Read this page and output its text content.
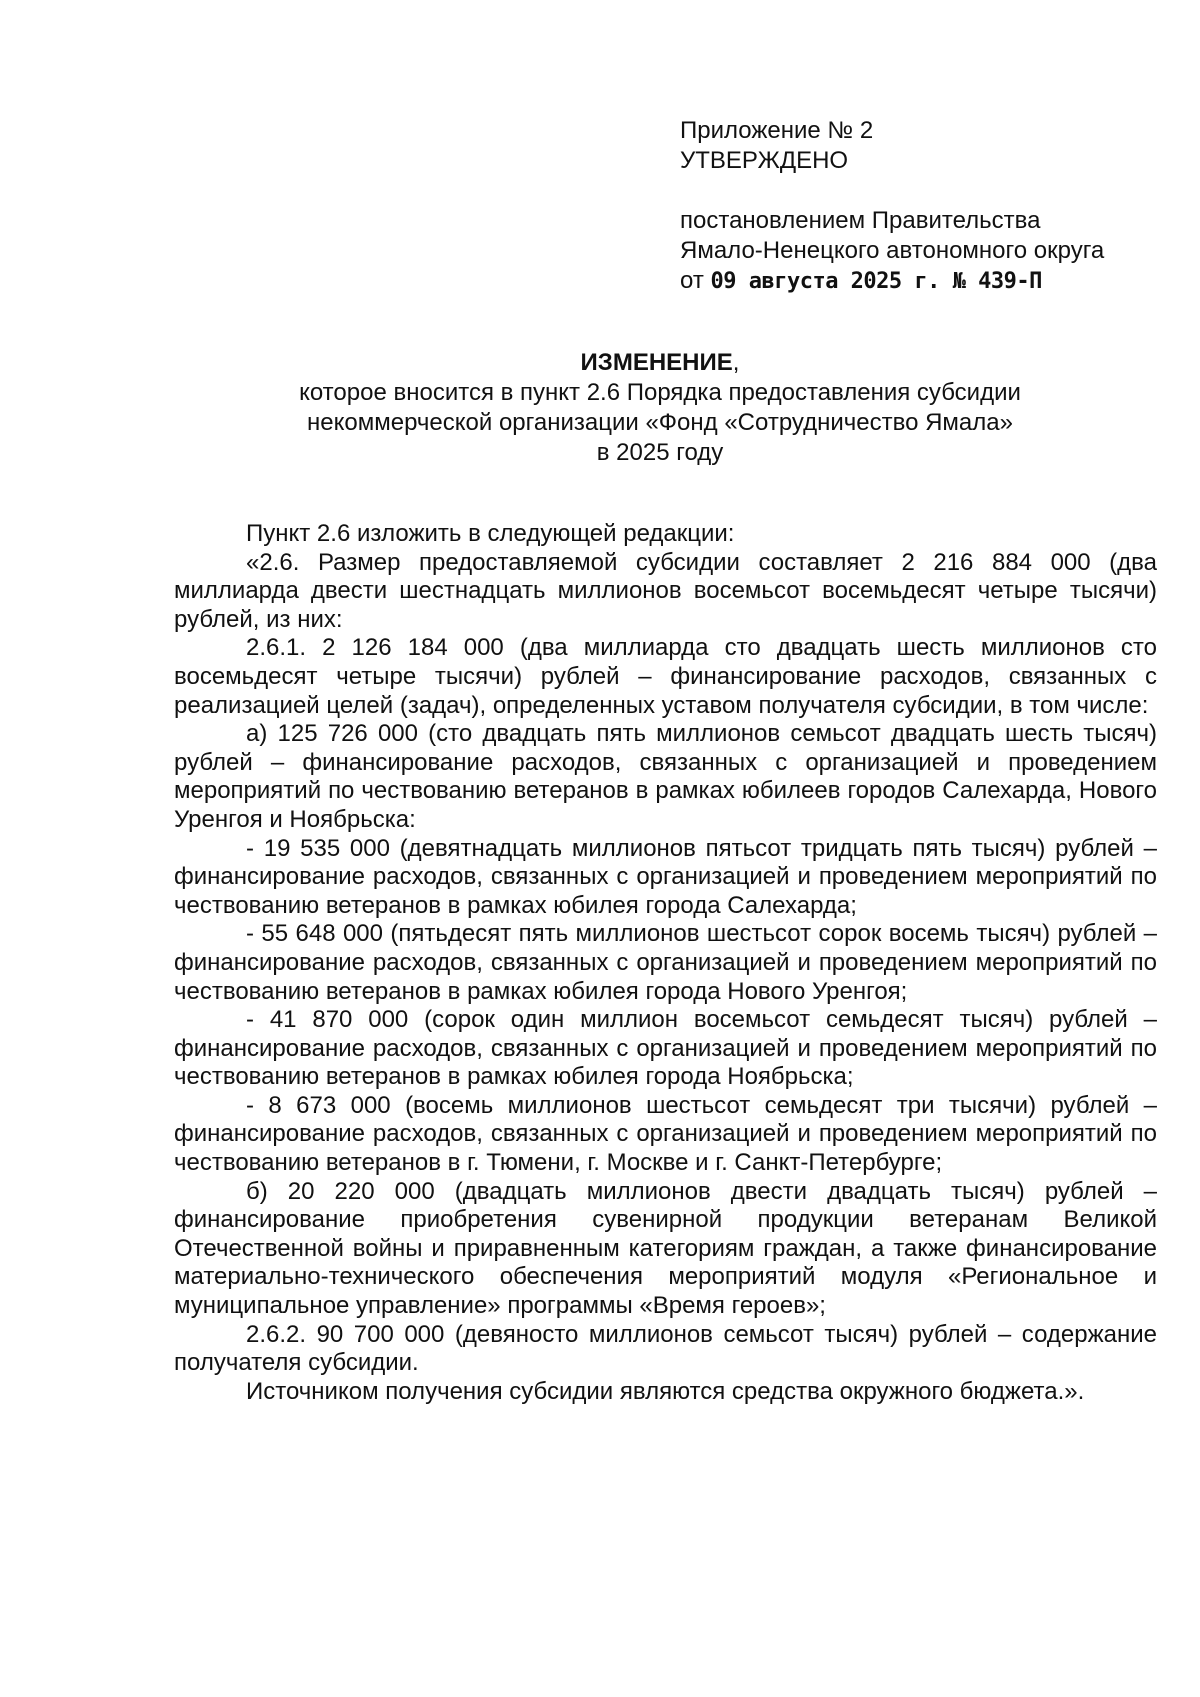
Приложение № 2
УТВЕРЖДЕНО
постановлением Правительства
Ямало-Ненецкого автономного округа
от 09 августа 2025 г. № 439-П
ИЗМЕНЕНИЕ,
которое вносится в пункт 2.6 Порядка предоставления субсидии
некоммерческой организации «Фонд «Сотрудничество Ямала»
в 2025 году

Пункт 2.6 изложить в следующей редакции:

«2.6. Размер предоставляемой субсидии составляет 2 216 884 000 (два миллиарда двести шестнадцать миллионов восемьсот восемьдесят четыре тысячи) рублей, из них:

2.6.1. 2 126 184 000 (два миллиарда сто двадцать шесть миллионов сто восемьдесят четыре тысячи) рублей – финансирование расходов, связанных с реализацией целей (задач), определенных уставом получателя субсидии, в том числе:

а) 125 726 000 (сто двадцать пять миллионов семьсот двадцать шесть тысяч) рублей – финансирование расходов, связанных с организацией и проведением мероприятий по чествованию ветеранов в рамках юбилеев городов Салехарда, Нового Уренгоя и Ноябрьска:

- 19 535 000 (девятнадцать миллионов пятьсот тридцать пять тысяч) рублей – финансирование расходов, связанных с организацией и проведением мероприятий по чествованию ветеранов в рамках юбилея города Салехарда;

- 55 648 000 (пятьдесят пять миллионов шестьсот сорок восемь тысяч) рублей – финансирование расходов, связанных с организацией и проведением мероприятий по чествованию ветеранов в рамках юбилея города Нового Уренгоя;

- 41 870 000 (сорок один миллион восемьсот семьдесят тысяч) рублей – финансирование расходов, связанных с организацией и проведением мероприятий по чествованию ветеранов в рамках юбилея города Ноябрьска;

- 8 673 000 (восемь миллионов шестьсот семьдесят три тысячи) рублей – финансирование расходов, связанных с организацией и проведением мероприятий по чествованию ветеранов в г. Тюмени, г. Москве и г. Санкт-Петербурге;

б) 20 220 000 (двадцать миллионов двести двадцать тысяч) рублей – финансирование приобретения сувенирной продукции ветеранам Великой Отечественной войны и приравненным категориям граждан, а также финансирование материально-технического обеспечения мероприятий модуля «Региональное и муниципальное управление» программы «Время героев»;

2.6.2. 90 700 000 (девяносто миллионов семьсот тысяч) рублей – содержание получателя субсидии.

Источником получения субсидии являются средства окружного бюджета.».
